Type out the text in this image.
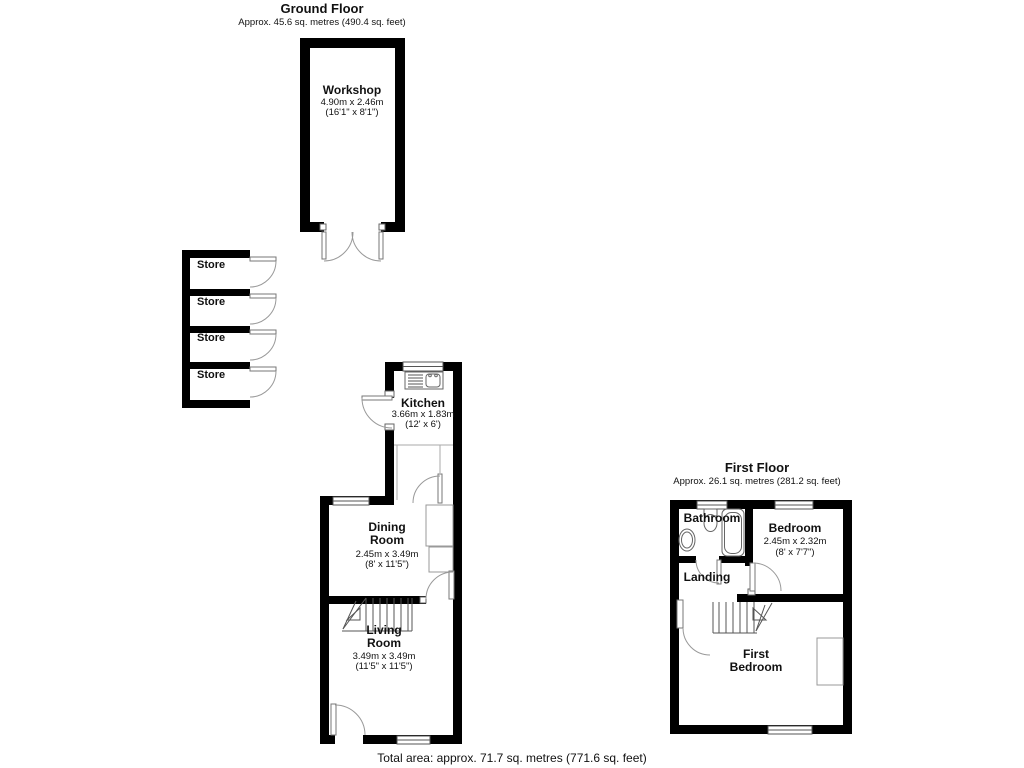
Ground Floor
Approx. 45.6 sq. metres (490.4 sq. feet)
Workshop
4.90m x 2.46m
(16'1" x 8'1")
Store
Store
Store
Store
Kitchen
3.66m x 1.83m
(12' x 6')
Dining
Room
2.45m x 3.49m
(8' x 11'5")
Living
Room
3.49m x 3.49m
(11'5" x 11'5")
First Floor
Approx. 26.1 sq. metres (281.2 sq. feet)
Bathroom
Bedroom
2.45m x 2.32m
(8' x 7'7")
Landing
First
Bedroom
Total area: approx. 71.7 sq. metres (771.6 sq. feet)
